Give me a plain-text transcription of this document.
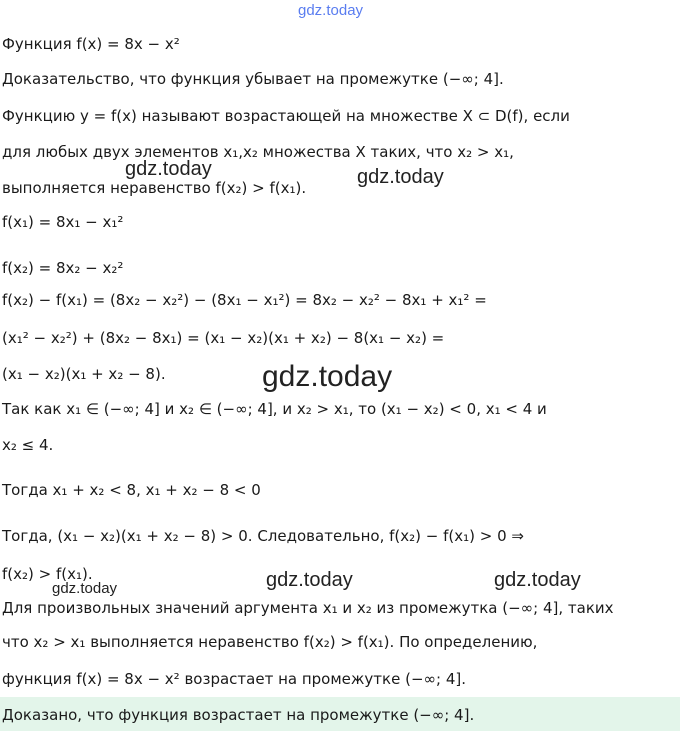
gdz.today
Функция f(x) = 8x − x²
Доказательство, что функция убывает на промежутке (−∞; 4].
Функцию y = f(x) называют возрастающей на множестве X ⊂ D(f), если
для любых двух элементов x₁,x₂ множества X таких, что x₂ > x₁,
выполняется неравенство f(x₂) > f(x₁).
gdz.today	gdz.today
f(x₁) = 8x₁ − x₁²
f(x₂) = 8x₂ − x₂²
f(x₂) − f(x₁) = (8x₂ − x₂²) − (8x₁ − x₁²) = 8x₂ − x₂² − 8x₁ + x₁² =
(x₁² − x₂²) + (8x₂ − 8x₁) = (x₁ − x₂)(x₁ + x₂) − 8(x₁ − x₂) =
(x₁ − x₂)(x₁ + x₂ − 8).	gdz.today
Так как x₁ ∈ (−∞; 4] и x₂ ∈ (−∞; 4], и x₂ > x₁, то (x₁ − x₂) < 0, x₁ < 4 и
x₂ ≤ 4.
Тогда x₁ + x₂ < 8, x₁ + x₂ − 8 < 0
Тогда, (x₁ − x₂)(x₁ + x₂ − 8) > 0. Следовательно, f(x₂) − f(x₁) > 0 ⇒
f(x₂) > f(x₁).
gdz.today	gdz.today	gdz.today
Для произвольных значений аргумента x₁ и x₂ из промежутка (−∞; 4], таких
что x₂ > x₁ выполняется неравенство f(x₂) > f(x₁). По определению,
функция f(x) = 8x − x² возрастает на промежутке (−∞; 4].
Доказано, что функция возрастает на промежутке (−∞; 4].
